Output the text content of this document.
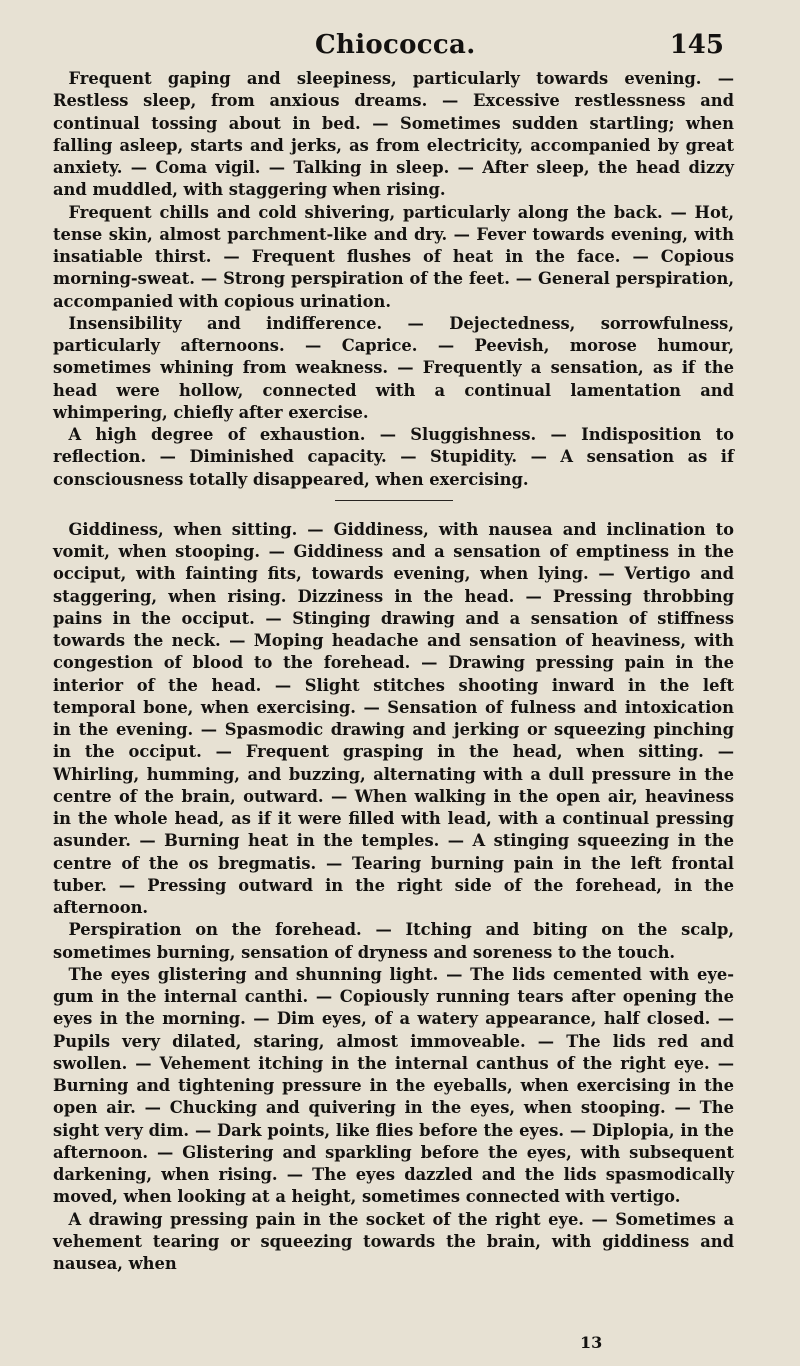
Chiococca.	145

Frequent gaping and sleepiness, particularly towards evening. — Restless sleep, from anxious dreams. — Excessive restlessness and continual tossing about in bed. — Sometimes sudden startling; when falling asleep, starts and jerks, as from electricity, accompanied by great anxiety. — Coma vigil. — Talking in sleep. — After sleep, the head dizzy and muddled, with staggering when rising.

Frequent chills and cold shivering, particularly along the back. — Hot, tense skin, almost parchment-like and dry. — Fever towards evening, with insatiable thirst. — Frequent flushes of heat in the face. — Copious morning-sweat. — Strong perspiration of the feet. — General perspiration, accompanied with copious urination.

Insensibility and indifference. — Dejectedness, sorrowfulness, particularly afternoons. — Caprice. — Peevish, morose humour, sometimes whining from weakness. — Frequently a sensation, as if the head were hollow, connected with a continual lamentation and whimpering, chiefly after exercise.

A high degree of exhaustion. — Sluggishness. — Indisposition to reflection. — Diminished capacity. — Stupidity. — A sensation as if consciousness totally disappeared, when exercising.

Giddiness, when sitting. — Giddiness, with nausea and inclination to vomit, when stooping. — Giddiness and a sensation of emptiness in the occiput, with fainting fits, towards evening, when lying. — Vertigo and staggering, when rising. Dizziness in the head. — Pressing throbbing pains in the occiput. — Stinging drawing and a sensation of stiffness towards the neck. — Moping headache and sensation of heaviness, with congestion of blood to the forehead. — Drawing pressing pain in the interior of the head. — Slight stitches shooting inward in the left temporal bone, when exercising. — Sensation of fulness and intoxication in the evening. — Spasmodic drawing and jerking or squeezing pinching in the occiput. — Frequent grasping in the head, when sitting. — Whirling, humming, and buzzing, alternating with a dull pressure in the centre of the brain, outward. — When walking in the open air, heaviness in the whole head, as if it were filled with lead, with a continual pressing asunder. — Burning heat in the temples. — A stinging squeezing in the centre of the os bregmatis. — Tearing burning pain in the left frontal tuber. — Pressing outward in the right side of the forehead, in the afternoon.

Perspiration on the forehead. — Itching and biting on the scalp, sometimes burning, sensation of dryness and soreness to the touch.

The eyes glistering and shunning light. — The lids cemented with eye-gum in the internal canthi. — Copiously running tears after opening the eyes in the morning. — Dim eyes, of a watery appearance, half closed. — Pupils very dilated, staring, almost immoveable. — The lids red and swollen. — Vehement itching in the internal canthus of the right eye. — Burning and tightening pressure in the eyeballs, when exercising in the open air. — Chucking and quivering in the eyes, when stooping. — The sight very dim. — Dark points, like flies before the eyes. — Diplopia, in the afternoon. — Glistering and sparkling before the eyes, with subsequent darkening, when rising. — The eyes dazzled and the lids spasmodically moved, when looking at a height, sometimes connected with vertigo.

A drawing pressing pain in the socket of the right eye. — Sometimes a vehement tearing or squeezing towards the brain, with giddiness and nausea, when

13
